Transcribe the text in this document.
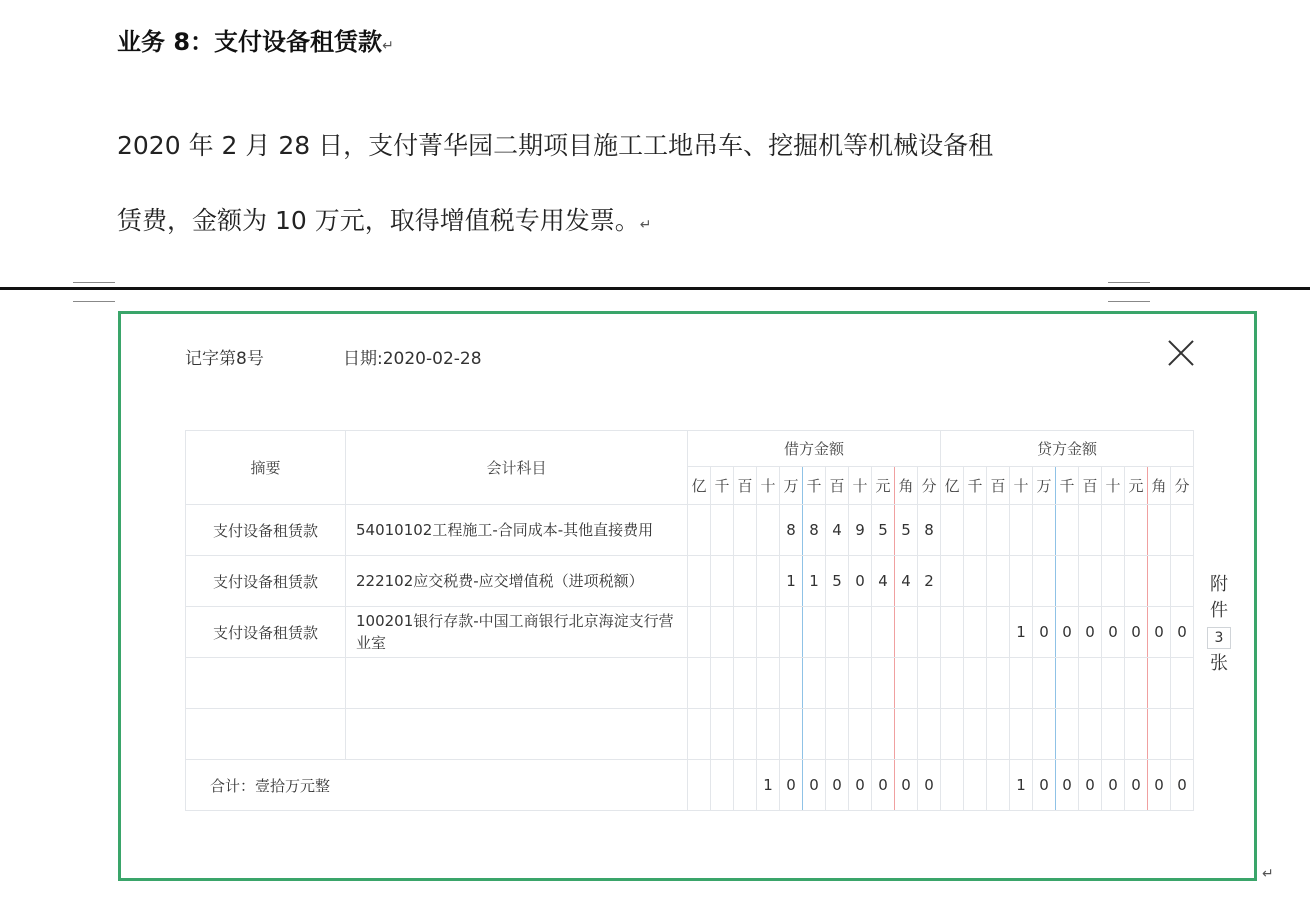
业务 8：支付设备租赁款↵
2020 年 2 月 28 日，支付菁华园二期项目施工工地吊车、挖掘机等机械设备租
赁费，金额为 10 万元，取得增值税专用发票。↵
记字第8号	日期:2020-02-28
摘要	会计科目	借方金额											贷方金额										
		亿	千	百	十	万	千	百	十	元	角	分	亿	千	百	十	万	千	百	十	元	角	分
支付设备租赁款	54010102工程施工-合同成本-其他直接费用					8	8	4	9	5	5	8											
支付设备租赁款	222102应交税费-应交增值税（进项税额）					1	1	5	0	4	4	2											
支付设备租赁款	100201银行存款-中国工商银行北京海淀支行营业室															1	0	0	0	0	0	0	0

合计：壹拾万元整					1	0	0	0	0	0	0	0				1	0	0	0	0	0	0	0
附件
3
张
↵
